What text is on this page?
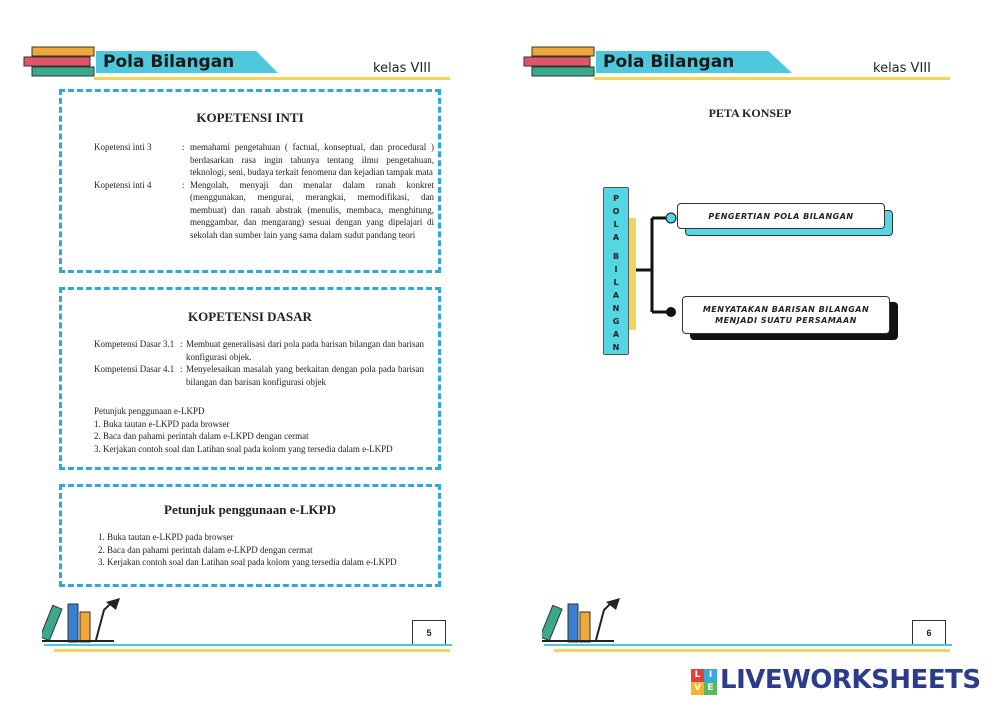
Pola Bilangan	kelas VIII
KOPETENSI INTI
Kopetensi inti 3	: memahami pengetahuan ( factual, konseptual, dan procedural ) berdasarkan rasa ingin tahunya tentang ilmu pengetahuan, teknologi, seni, budaya terkait fenomena dan kejadian tampak mata
Kopetensi inti 4	: Mengolah, menyaji dan menalar dalam ranah konkret (menggunakan, mengurai, merangkai, memodifikasi, dan membuat) dan ranah abstrak (menulis, membaca, menghitung, menggambar, dan mengarang) sesuai dengan yang dipelajari di sekolah dan sumber lain yang sama dalam sudut pandang teori
KOPETENSI DASAR
Kompetensi Dasar 3.1 : Membuat generalisasi dari pola pada barisan bilangan dan barisan konfigurasi objek.
Kompetensi Dasar 4.1 : Menyelesaikan masalah yang berkaitan dengan pola pada barisan bilangan dan barisan konfigurasi objek
Petunjuk penggunaan e-LKPD
1. Buka tautan e-LKPD pada browser
2. Baca dan pahami perintah dalam e-LKPD dengan cermat
3. Kerjakan contoh soal dan Latihan soal pada kolom yang tersedia dalam e-LKPD
Petunjuk penggunaan e-LKPD
1. Buka tautan e-LKPD pada browser
2. Baca dan pahami perintah dalam e-LKPD dengan cermat
3. Kerjakan contoh soal dan Latihan soal pada kolom yang tersedia dalam e-LKPD
5
Pola Bilangan	kelas VIII
PETA KONSEP
P
O
L
A
B
I
L
A
N
G
A
N
PENGERTIAN POLA BILANGAN
MENYATAKAN BARISAN BILANGAN MENJADI SUATU PERSAMAAN
6
L I
V E LIVEWORKSHEETS
